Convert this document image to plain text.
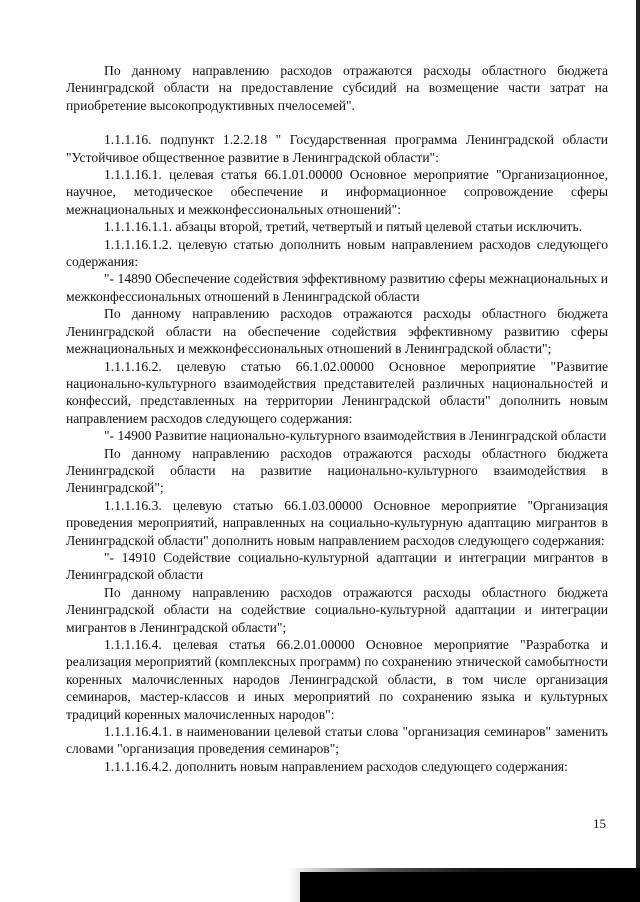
По данному направлению расходов отражаются расходы областного бюджета Ленинградской области на предоставление субсидий на возмещение части затрат на приобретение высокопродуктивных пчелосемей".

1.1.1.16. подпункт 1.2.2.18 " Государственная программа Ленинградской области "Устойчивое общественное развитие в Ленинградской области":

1.1.1.16.1. целевая статья 66.1.01.00000 Основное мероприятие "Организационное, научное, методическое обеспечение и информационное сопровождение сферы межнациональных и межконфессиональных отношений":

1.1.1.16.1.1. абзацы второй, третий, четвертый и пятый целевой статьи исключить.

1.1.1.16.1.2. целевую статью дополнить новым направлением расходов следующего содержания:

"- 14890 Обеспечение содействия эффективному развитию сферы межнациональных и межконфессиональных отношений в Ленинградской области

По данному направлению расходов отражаются расходы областного бюджета Ленинградской области на обеспечение содействия эффективному развитию сферы межнациональных и межконфессиональных отношений в Ленинградской области";

1.1.1.16.2. целевую статью 66.1.02.00000 Основное мероприятие "Развитие национально-культурного взаимодействия представителей различных национальностей и конфессий, представленных на территории Ленинградской области" дополнить новым направлением расходов следующего содержания:

"- 14900 Развитие национально-культурного взаимодействия в Ленинградской области

По данному направлению расходов отражаются расходы областного бюджета Ленинградской области на развитие национально-культурного взаимодействия в Ленинградской";

1.1.1.16.3. целевую статью 66.1.03.00000 Основное мероприятие "Организация проведения мероприятий, направленных на социально-культурную адаптацию мигрантов в Ленинградской области" дополнить новым направлением расходов следующего содержания:

"- 14910 Содействие социально-культурной адаптации и интеграции мигрантов в Ленинградской области

По данному направлению расходов отражаются расходы областного бюджета Ленинградской области на содействие социально-культурной адаптации и интеграции мигрантов в Ленинградской области";

1.1.1.16.4. целевая статья 66.2.01.00000 Основное мероприятие "Разработка и реализация мероприятий (комплексных программ) по сохранению этнической самобытности коренных малочисленных народов Ленинградской области, в том числе организация семинаров, мастер-классов и иных мероприятий по сохранению языка и культурных традиций коренных малочисленных народов":

1.1.1.16.4.1. в наименовании целевой статьи слова "организация семинаров" заменить словами "организация проведения семинаров";

1.1.1.16.4.2. дополнить новым направлением расходов следующего содержания:

15
